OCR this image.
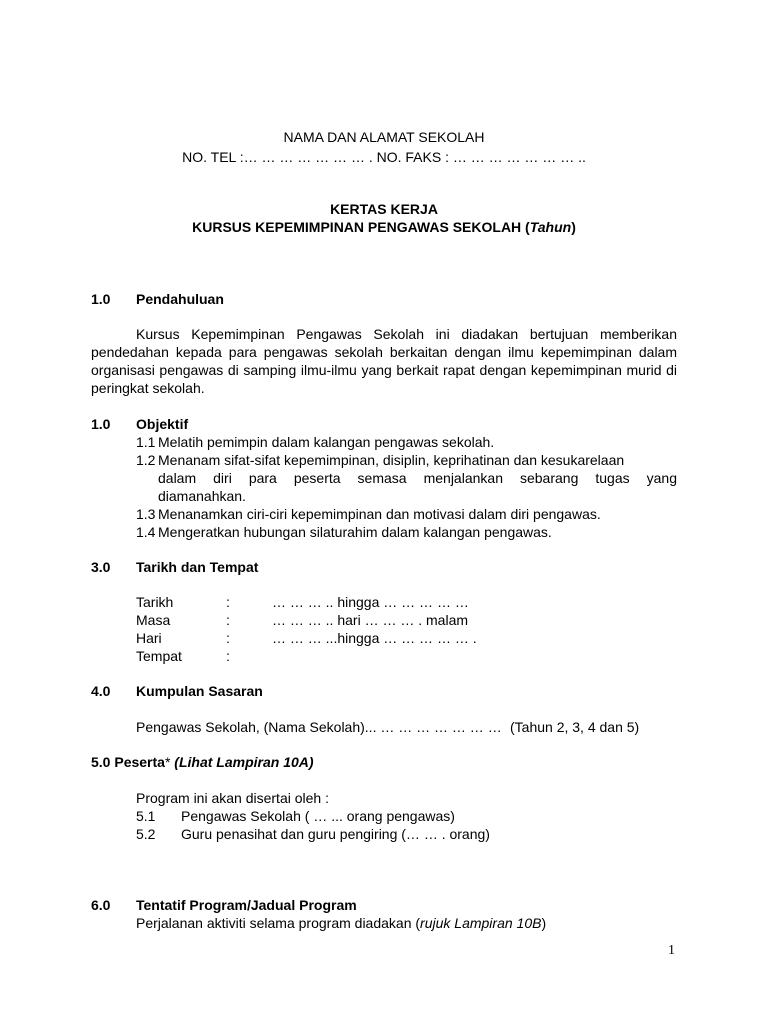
NAMA DAN ALAMAT SEKOLAH
NO. TEL :… … … … … … … . NO. FAKS : … … … … … … … ..
KERTAS KERJA
KURSUS KEPEMIMPINAN PENGAWAS SEKOLAH (Tahun)
1.0 Pendahuluan
Kursus Kepemimpinan Pengawas Sekolah ini diadakan bertujuan memberikan pendedahan kepada para pengawas sekolah berkaitan dengan ilmu kepemimpinan dalam organisasi pengawas di samping ilmu-ilmu yang berkait rapat dengan kepemimpinan murid di peringkat sekolah.
1.0 Objektif
1.1 Melatih pemimpin dalam kalangan pengawas sekolah.
1.2 Menanam sifat-sifat kepemimpinan, disiplin, keprihatinan dan kesukarelaan
dalam diri para peserta semasa menjalankan sebarang tugas yang
diamanahkan.
1.3 Menanamkan ciri-ciri kepemimpinan dan motivasi dalam diri pengawas.
1.4 Mengeratkan hubungan silaturahim dalam kalangan pengawas.
3.0 Tarikh dan Tempat
Tarikh	:	… … … .. hingga … … … … …
Masa	:	… … … .. hari … … … . malam
Hari	:	… … … ...hingga … … … … … .
Tempat	:
4.0 Kumpulan Sasaran
Pengawas Sekolah, (Nama Sekolah)... … … … … … … … (Tahun 2, 3, 4 dan 5)
5.0 Peserta* (Lihat Lampiran 10A)
Program ini akan disertai oleh :
5.1 Pengawas Sekolah ( … ... orang pengawas)
5.2 Guru penasihat dan guru pengiring (… … . orang)
6.0 Tentatif Program/Jadual Program
Perjalanan aktiviti selama program diadakan (rujuk Lampiran 10B)
1
